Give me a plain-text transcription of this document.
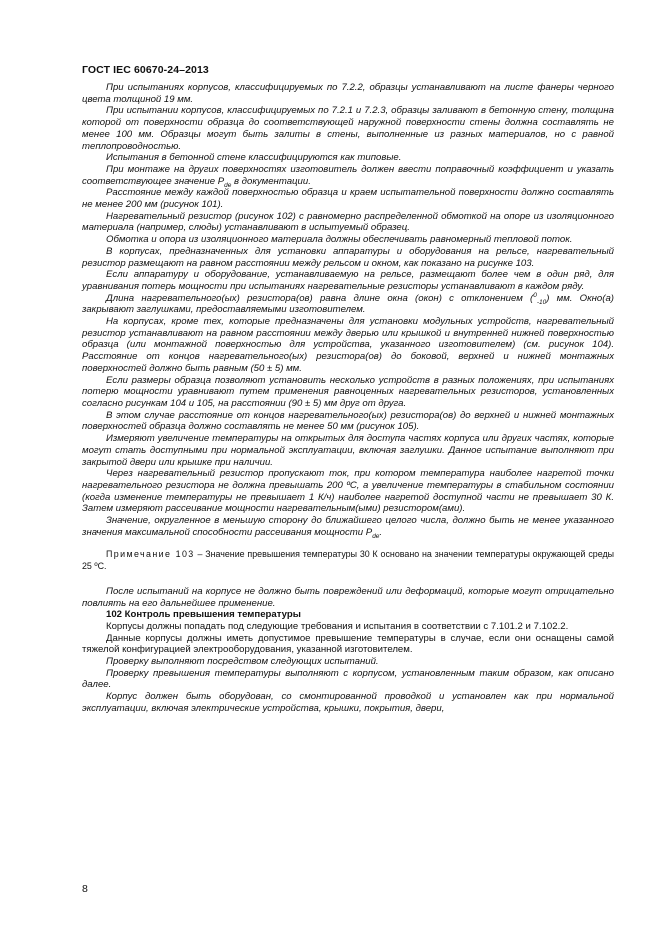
ГОСТ IEC 60670-24–2013

При испытаниях корпусов, классифицируемых по 7.2.2, образцы устанавливают на листе фанеры черного цвета толщиной 19 мм.

При испытании корпусов, классифицируемых по 7.2.1 и 7.2.3, образцы заливают в бетонную стену, толщина которой от поверхности образца до соответствующей наружной поверхности стены должна составлять не менее 100 мм. Образцы могут быть залиты в стены, выполненные из разных материалов, но с равной теплопроводностью.

Испытания в бетонной стене классифицируются как типовые.

При монтаже на других поверхностях изготовитель должен ввести поправочный коэффициент и указать соответствующее значение $P_{de}$ в документации.

Расстояние между каждой поверхностью образца и краем испытательной поверхности должно составлять не менее 200 мм (рисунок 101).

Нагревательный резистор (рисунок 102) с равномерно распределенной обмоткой на опоре из изоляционного материала (например, слюды) устанавливают в испытуемый образец.

Обмотка и опора из изоляционного материала должны обеспечивать равномерный тепловой поток.

В корпусах, предназначенных для установки аппаратуры и оборудования на рельсе, нагревательный резистор размещают на равном расстоянии между рельсом и окном, как показано на рисунке 103.

Если аппаратуру и оборудование, устанавливаемую на рельсе, размещают более чем в один ряд, для уравнивания потерь мощности при испытаниях нагревательные резисторы устанавливают в каждом ряду.

Длина нагревательного(ых) резистора(ов) равна длине окна (окон) с отклонением ($^0_{-10}$) мм. Окно(а) закрывают заглушками, предоставляемыми изготовителем.

На корпусах, кроме тех, которые предназначены для установки модульных устройств, нагревательный резистор устанавливают на равном расстоянии между дверью или крышкой и внутренней нижней поверхностью образца (или монтажной поверхностью для устройства, указанного изготовителем) (см. рисунок 104). Расстояние от концов нагревательного(ых) резистора(ов) до боковой, верхней и нижней монтажных поверхностей должно быть равным (50 ± 5) мм.

Если размеры образца позволяют установить несколько устройств в разных положениях, при испытаниях потерю мощности уравнивают путем применения равноценных нагревательных резисторов, установленных согласно рисункам 104 и 105, на расстоянии (90 ± 5) мм друг от друга.

В этом случае расстояние от концов нагревательного(ых) резистора(ов) до верхней и нижней монтажных поверхностей образца должно составлять не менее 50 мм (рисунок 105).

Измеряют увеличение температуры на открытых для доступа частях корпуса или других частях, которые могут стать доступными при нормальной эксплуатации, включая заглушки. Данное испытание выполняют при закрытой двери или крышке при наличии.

Через нагревательный резистор пропускают ток, при котором температура наиболее нагретой точки нагревательного резистора не должна превышать 200 ºС, а увеличение температуры в стабильном состоянии (когда изменение температуры не превышает 1 К/ч) наиболее нагретой доступной части не превышает 30 К. Затем измеряют рассеивание мощности нагревательным(ыми) резистором(ами).

Значение, округленное в меньшую сторону до ближайшего целого числа, должно быть не менее указанного значения максимальной способности рассеивания мощности $P_{de}$.

Примечание 103 – Значение превышения температуры 30 К основано на значении температуры окружающей среды 25 ºС.

После испытаний на корпусе не должно быть повреждений или деформаций, которые могут отрицательно повлиять на его дальнейшее применение.

102 Контроль превышения температуры

Корпусы должны попадать под следующие требования и испытания в соответствии с 7.101.2 и 7.102.2.

Данные корпусы должны иметь допустимое превышение температуры в случае, если они оснащены самой тяжелой конфигурацией электрооборудования, указанной изготовителем.

Проверку выполняют посредством следующих испытаний.

Проверку превышения температуры выполняют с корпусом, установленным таким образом, как описано далее.

Корпус должен быть оборудован, со смонтированной проводкой и установлен как при нормальной эксплуатации, включая электрические устройства, крышки, покрытия, двери,

8
